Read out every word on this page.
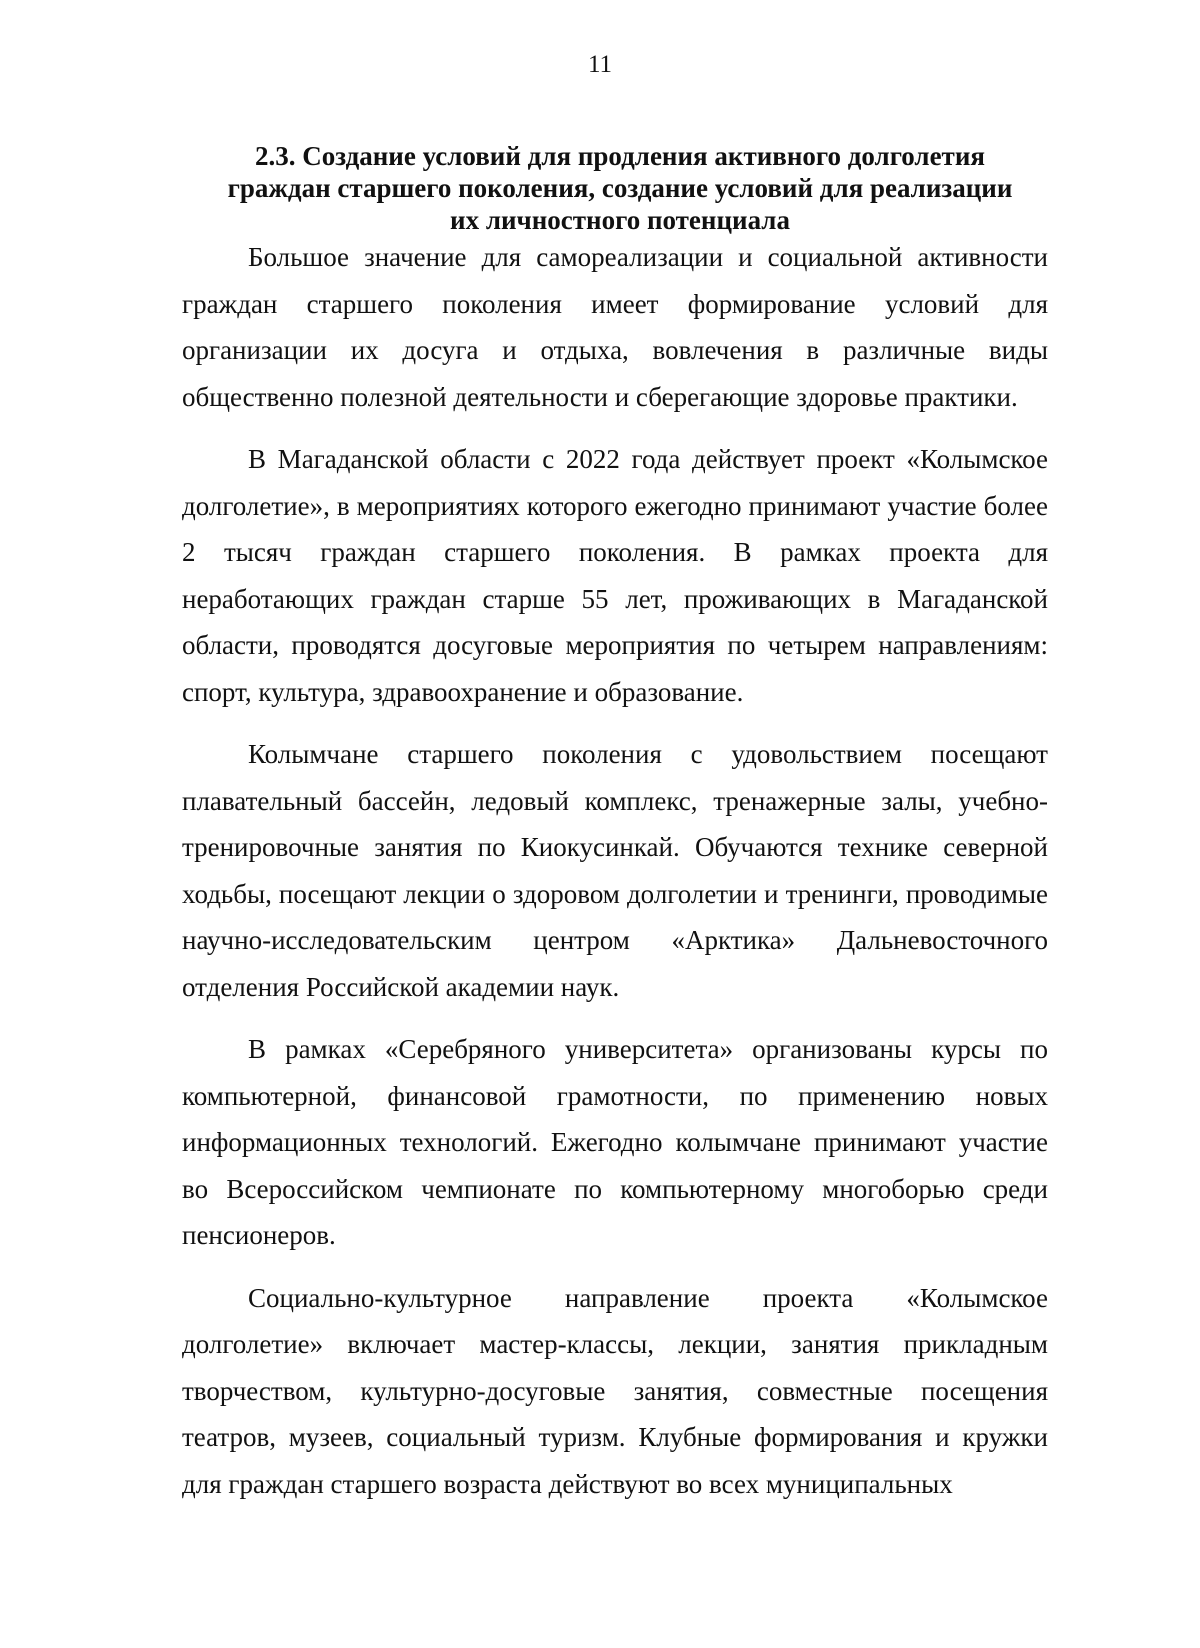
11
2.3. Создание условий для продления активного долголетия
граждан старшего поколения, создание условий для реализации
их личностного потенциала

Большое значение для самореализации и социальной активности граждан старшего поколения имеет формирование условий для организации их досуга и отдыха, вовлечения в различные виды общественно полезной деятельности и сберегающие здоровье практики.

В Магаданской области с 2022 года действует проект «Колымское долголетие», в мероприятиях которого ежегодно принимают участие более 2 тысяч граждан старшего поколения. В рамках проекта для неработающих граждан старше 55 лет, проживающих в Магаданской области, проводятся досуговые мероприятия по четырем направлениям: спорт, культура, здравоохранение и образование.

Колымчане старшего поколения с удовольствием посещают плавательный бассейн, ледовый комплекс, тренажерные залы, учебно-тренировочные занятия по Киокусинкай. Обучаются технике северной ходьбы, посещают лекции о здоровом долголетии и тренинги, проводимые научно-исследовательским центром «Арктика» Дальневосточного отделения Российской академии наук.

В рамках «Серебряного университета» организованы курсы по компьютерной, финансовой грамотности, по применению новых информационных технологий. Ежегодно колымчане принимают участие во Всероссийском чемпионате по компьютерному многоборью среди пенсионеров.

Социально-культурное направление проекта «Колымское долголетие» включает мастер-классы, лекции, занятия прикладным творчеством, культурно-досуговые занятия, совместные посещения театров, музеев, социальный туризм. Клубные формирования и кружки для граждан старшего возраста действуют во всех муниципальных
